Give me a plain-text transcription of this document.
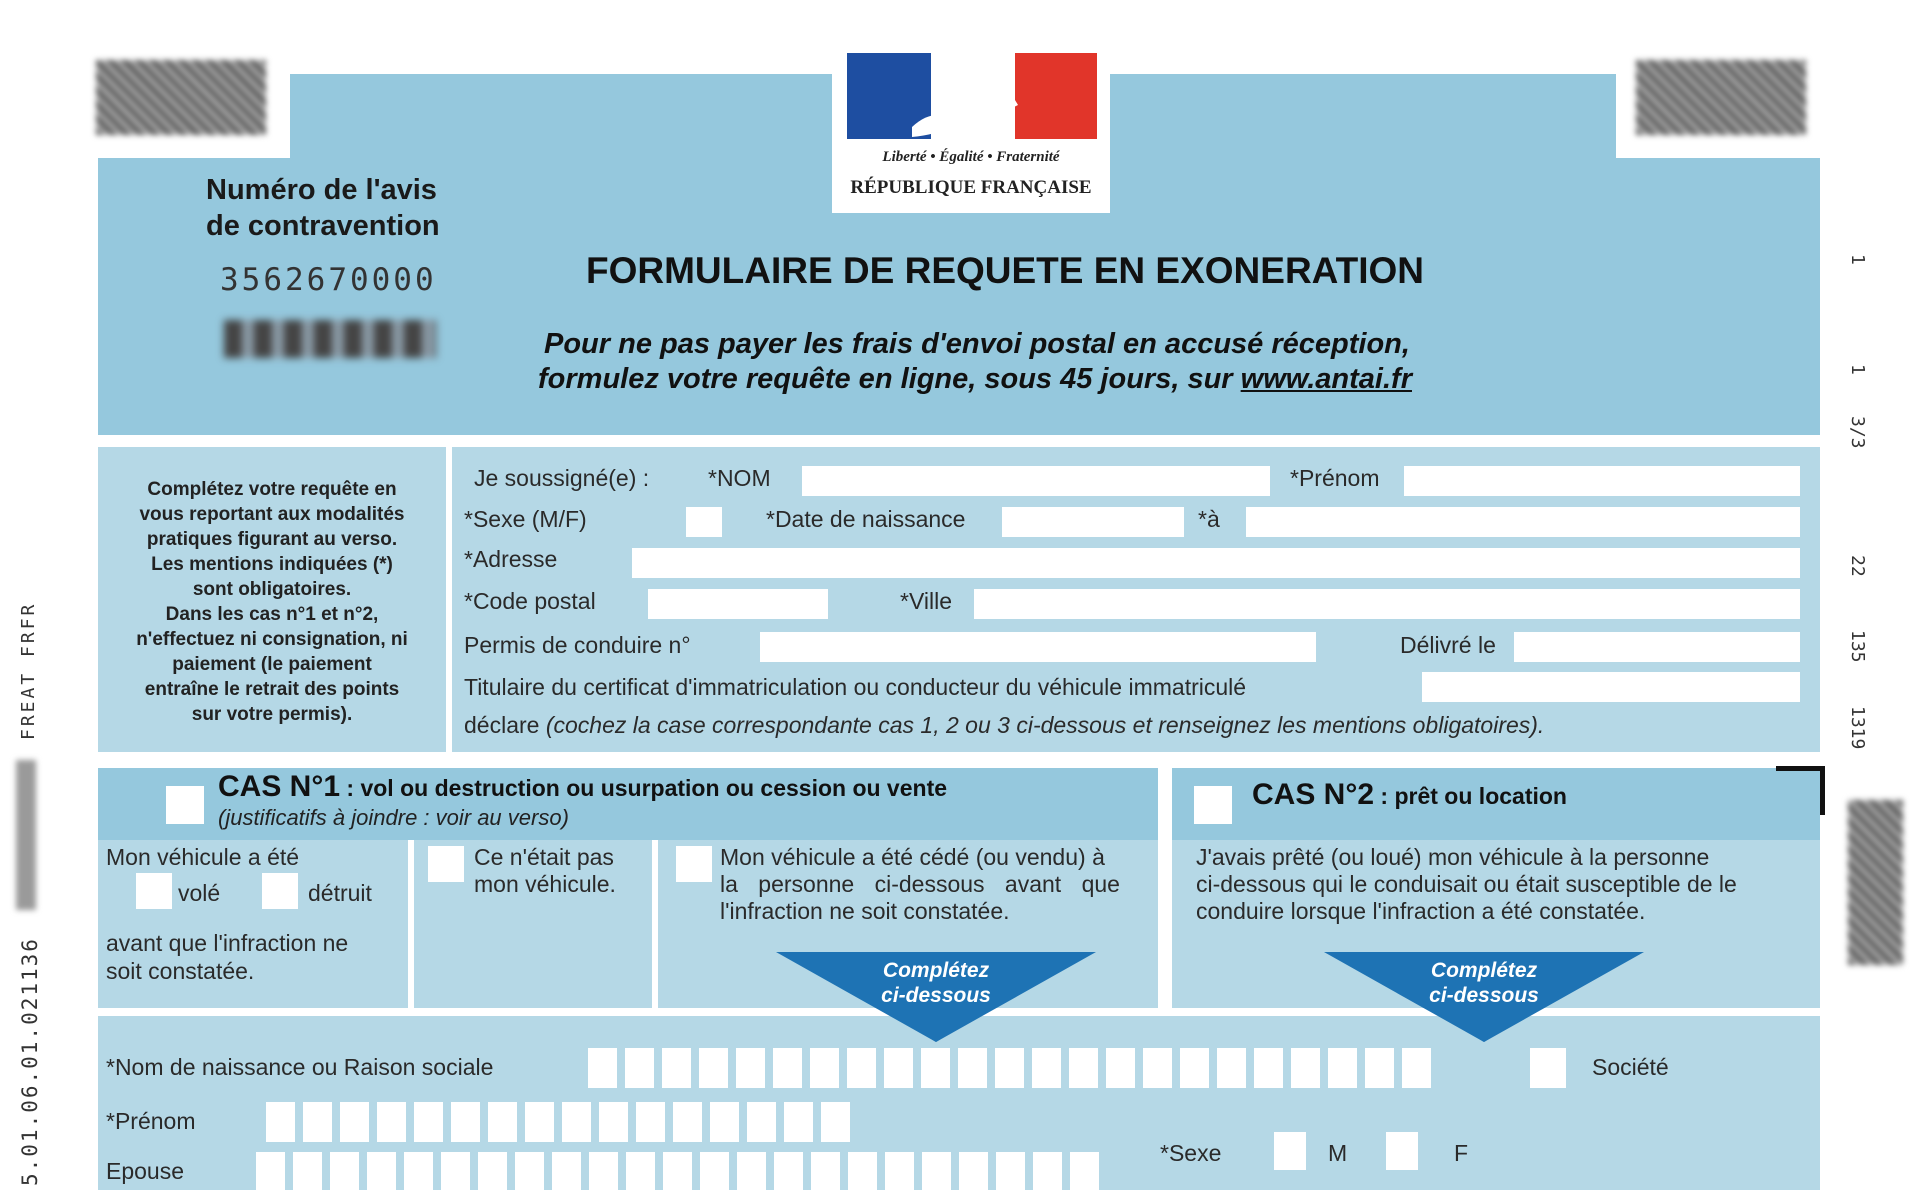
Liberté • Égalité • Fraternité
RÉPUBLIQUE FRANÇAISE
Numéro de l'avis
de contravention
3562670000	FORMULAIRE DE REQUETE EN EXONERATION
Pour ne pas payer les frais d'envoi postal en accusé réception,
formulez votre requête en ligne, sous 45 jours, sur www.antai.fr
Complétez votre requête en
vous reportant aux modalités
pratiques figurant au verso.
Les mentions indiquées (*)
sont obligatoires.
Dans les cas n°1 et n°2,
n'effectuez ni consignation, ni
paiement (le paiement
entraîne le retrait des points
sur votre permis).
Je soussigné(e) :	*NOM	*Prénom
*Sexe (M/F)	*Date de naissance	*à
*Adresse
*Code postal	*Ville
Permis de conduire n°	Délivré le
Titulaire du certificat d'immatriculation ou conducteur du véhicule immatriculé
déclare (cochez la case correspondante cas 1, 2 ou 3 ci-dessous et renseignez les mentions obligatoires).
CAS N°1 : vol ou destruction ou usurpation ou cession ou vente
(justificatifs à joindre : voir au verso)
Mon véhicule a été
volé	détruit
avant que l'infraction ne
soit constatée.
Ce n'était pas
mon véhicule.
Mon véhicule a été cédé (ou vendu) à
la personne ci-dessous avant que
l'infraction ne soit constatée.
CAS N°2 : prêt ou location
J'avais prêté (ou loué) mon véhicule à la personne
ci-dessous qui le conduisait ou était susceptible de le
conduire lorsque l'infraction a été constatée.
Complétez
ci-dessous
Complétez
ci-dessous
*Nom de naissance ou Raison sociale	Société
*Prénom
Epouse
*Sexe	M	F
5.01.06.01.021136
FREAT FRFR
1
1
3/3
22
135
1319
